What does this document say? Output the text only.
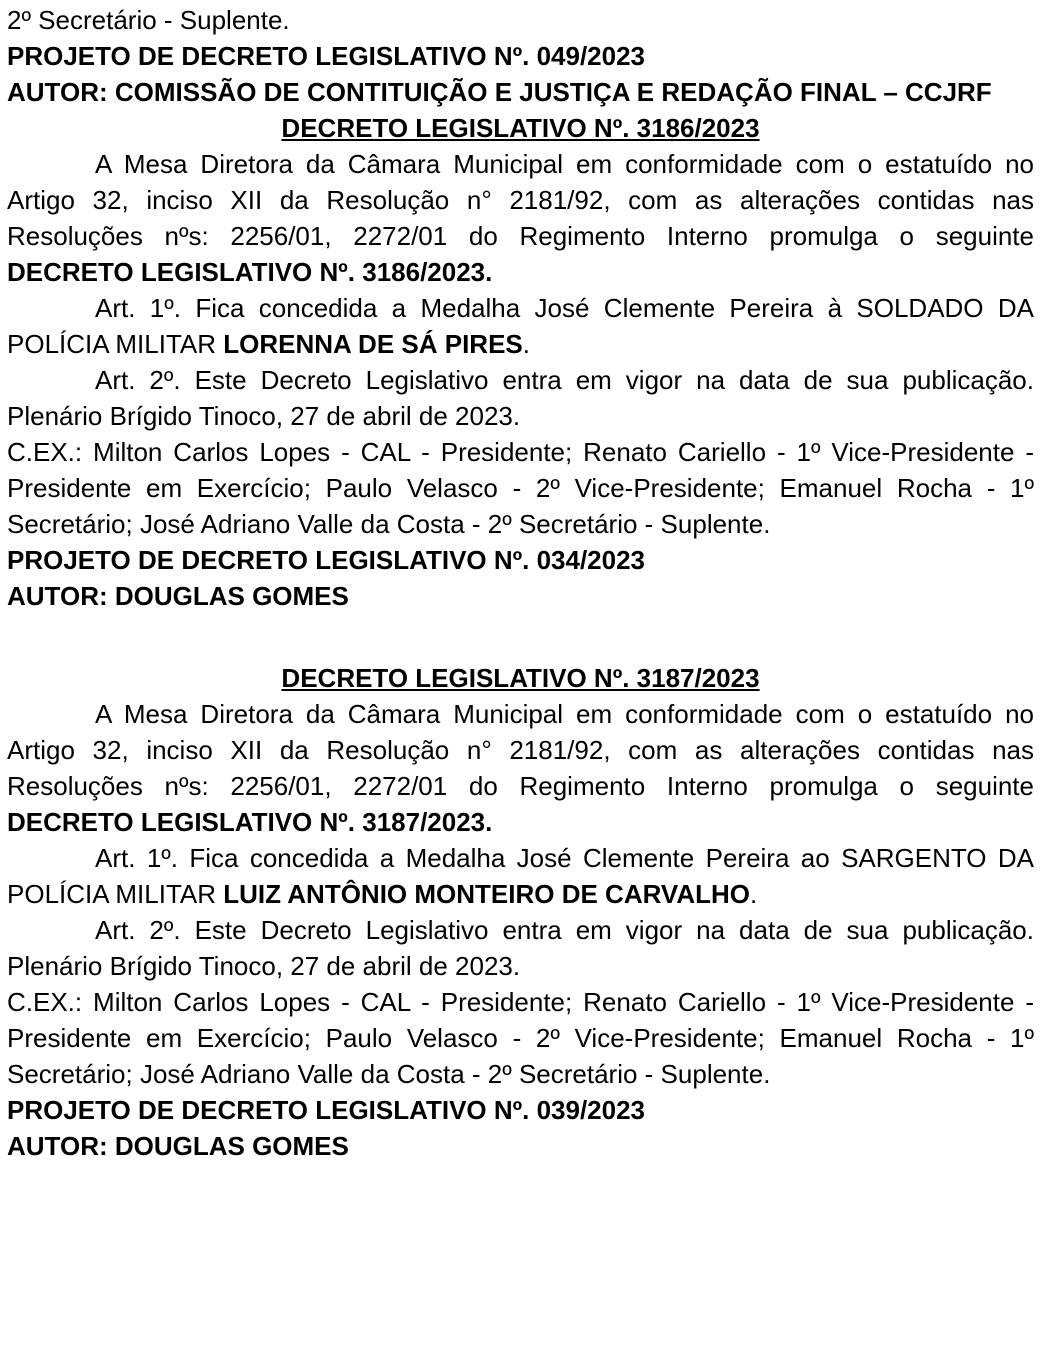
2º Secretário - Suplente.

PROJETO DE DECRETO LEGISLATIVO Nº. 049/2023

AUTOR: COMISSÃO DE CONTITUIÇÃO E JUSTIÇA E REDAÇÃO FINAL – CCJRF

DECRETO LEGISLATIVO Nº. 3186/2023

A Mesa Diretora da Câmara Municipal em conformidade com o estatuído no Artigo 32, inciso XII da Resolução n° 2181/92, com as alterações contidas nas Resoluções nºs: 2256/01, 2272/01 do Regimento Interno promulga o seguinte DECRETO LEGISLATIVO Nº. 3186/2023.

Art. 1º. Fica concedida a Medalha José Clemente Pereira à SOLDADO DA POLÍCIA MILITAR LORENNA DE SÁ PIRES.

Art. 2º. Este Decreto Legislativo entra em vigor na data de sua publicação. Plenário Brígido Tinoco, 27 de abril de 2023.

C.EX.: Milton Carlos Lopes - CAL - Presidente; Renato Cariello - 1º Vice-Presidente - Presidente em Exercício; Paulo Velasco - 2º Vice-Presidente; Emanuel Rocha - 1º Secretário; José Adriano Valle da Costa - 2º Secretário - Suplente.

PROJETO DE DECRETO LEGISLATIVO Nº. 034/2023

AUTOR: DOUGLAS GOMES

DECRETO LEGISLATIVO Nº. 3187/2023

A Mesa Diretora da Câmara Municipal em conformidade com o estatuído no Artigo 32, inciso XII da Resolução n° 2181/92, com as alterações contidas nas Resoluções nºs: 2256/01, 2272/01 do Regimento Interno promulga o seguinte DECRETO LEGISLATIVO Nº. 3187/2023.

Art. 1º. Fica concedida a Medalha José Clemente Pereira ao SARGENTO DA POLÍCIA MILITAR LUIZ ANTÔNIO MONTEIRO DE CARVALHO.

Art. 2º. Este Decreto Legislativo entra em vigor na data de sua publicação. Plenário Brígido Tinoco, 27 de abril de 2023.

C.EX.: Milton Carlos Lopes - CAL - Presidente; Renato Cariello - 1º Vice-Presidente - Presidente em Exercício; Paulo Velasco - 2º Vice-Presidente; Emanuel Rocha - 1º Secretário; José Adriano Valle da Costa - 2º Secretário - Suplente.

PROJETO DE DECRETO LEGISLATIVO Nº. 039/2023

AUTOR: DOUGLAS GOMES
